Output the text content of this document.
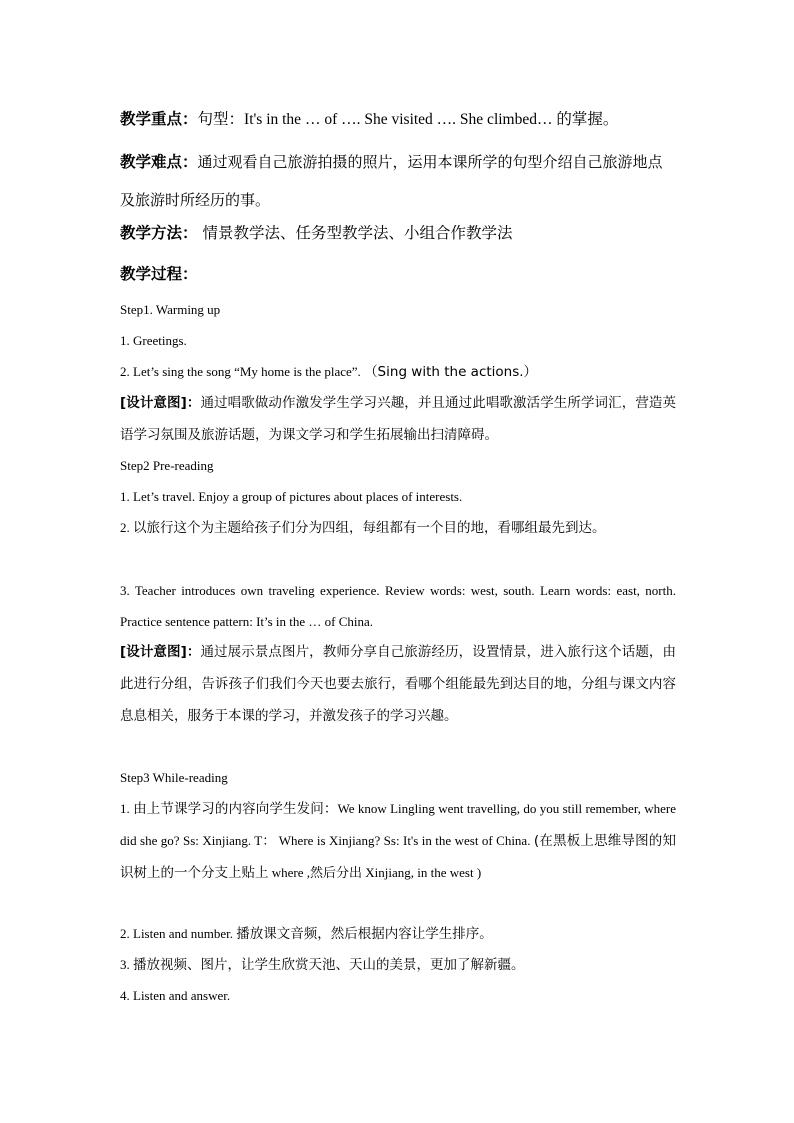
教学重点：句型：It's in the … of …. She visited …. She climbed… 的掌握。

教学难点：通过观看自己旅游拍摄的照片，运用本课所学的句型介绍自己旅游地点及旅游时所经历的事。

教学方法： 情景教学法、任务型教学法、小组合作教学法

教学过程：

Step1. Warming up

1. Greetings.

2. Let’s sing the song “My home is the place”. （Sing with the actions.）

[设计意图]：通过唱歌做动作激发学生学习兴趣，并且通过此唱歌激活学生所学词汇，营造英语学习氛围及旅游话题，为课文学习和学生拓展输出扫清障碍。

Step2 Pre-reading

1. Let’s travel. Enjoy a group of pictures about places of interests.

2. 以旅行这个为主题给孩子们分为四组，每组都有一个目的地，看哪组最先到达。

3. Teacher introduces own traveling experience. Review words: west, south. Learn words: east, north. Practice sentence pattern: It’s in the … of China.

[设计意图]：通过展示景点图片，教师分享自己旅游经历，设置情景，进入旅行这个话题，由此进行分组，告诉孩子们我们今天也要去旅行，看哪个组能最先到达目的地，分组与课文内容息息相关，服务于本课的学习，并激发孩子的学习兴趣。

Step3 While-reading

1. 由上节课学习的内容向学生发问：We know Lingling went travelling, do you still remember, where did she go? Ss: Xinjiang. T： Where is Xinjiang? Ss: It's in the west of China. (在黑板上思维导图的知识树上的一个分支上贴上 where ,然后分出 Xinjiang, in the west )

2. Listen and number. 播放课文音频，然后根据内容让学生排序。

3. 播放视频、图片，让学生欣赏天池、天山的美景，更加了解新疆。

4. Listen and answer.
